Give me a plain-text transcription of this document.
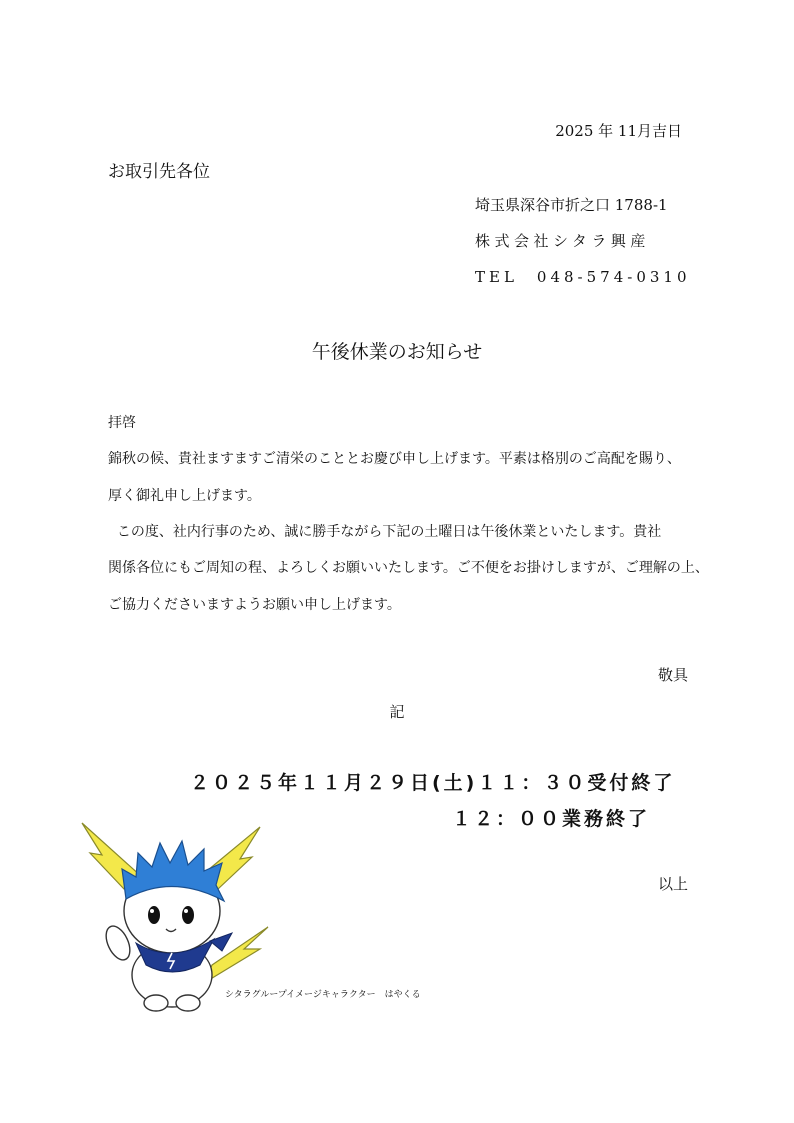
2025 年 11月吉日
お取引先各位
埼玉県深谷市折之口 1788-1
株式会社シタラ興産
TEL　048-574-0310
午後休業のお知らせ
拝啓
錦秋の候、貴社ますますご清栄のこととお慶び申し上げます。平素は格別のご高配を賜り、
厚く御礼申し上げます。
この度、社内行事のため、誠に勝手ながら下記の土曜日は午後休業といたします。貴社
関係各位にもご周知の程、よろしくお願いいたします。ご不便をお掛けしますが、ご理解の上、
ご協力くださいますようお願い申し上げます。
敬具
記
２０２５年１１月２９日(土)１１：３０受付終了
１２：００業務終了
以上
シタラグループイメージキャラクター　はやくる
